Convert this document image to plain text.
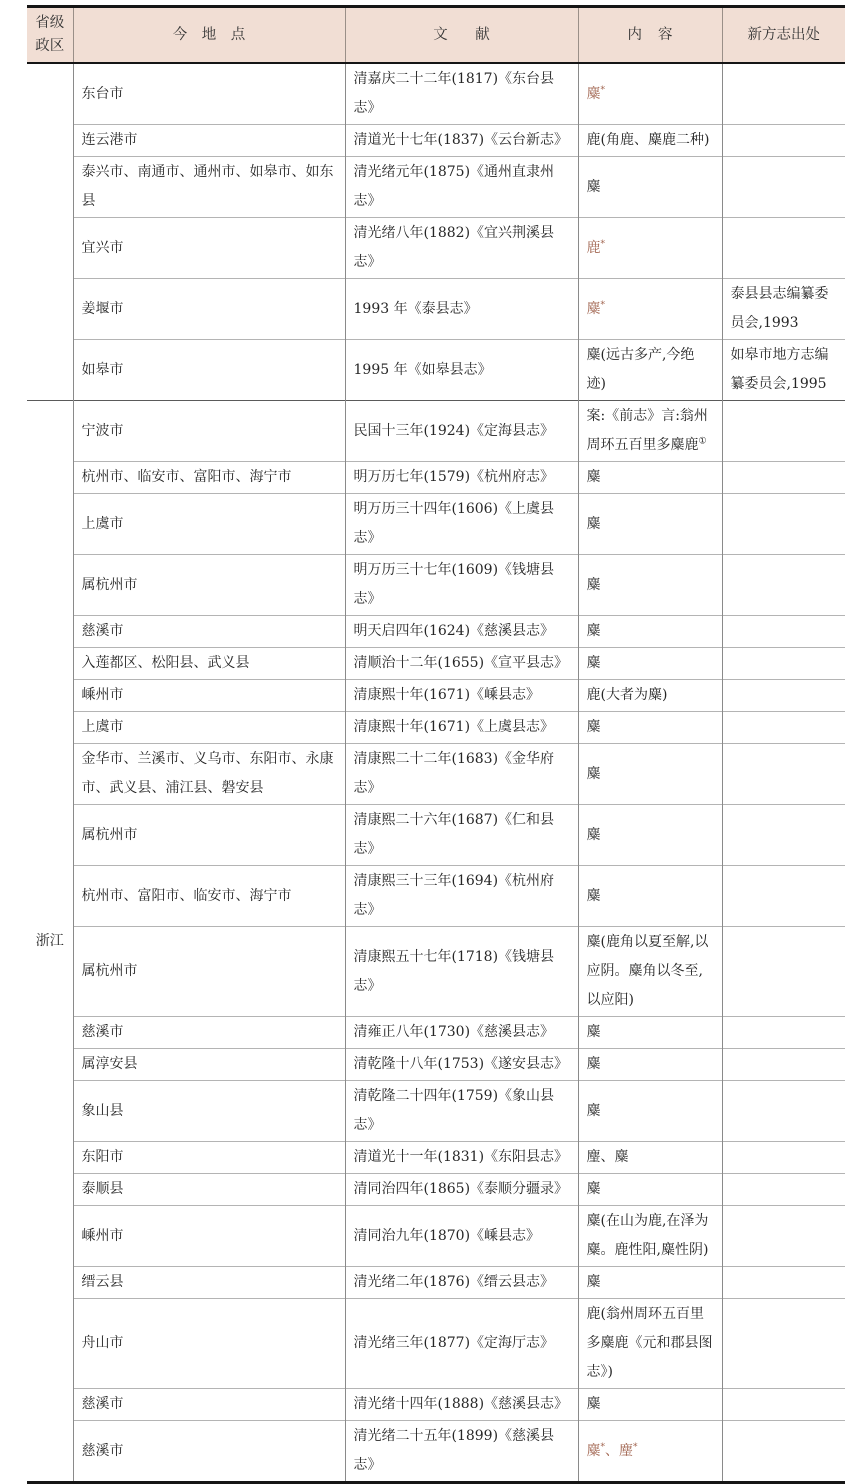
省级政区	今地点	文献	内容	新方志出处
	东台市	清嘉庆二十二年(1817)《东台县志》	麋*	
	连云港市	清道光十七年(1837)《云台新志》	鹿(角鹿、麋鹿二种)	
	泰兴市、南通市、通州市、如皋市、如东县	清光绪元年(1875)《通州直隶州志》	麋	
	宜兴市	清光绪八年(1882)《宜兴荆溪县志》	鹿*	
	姜堰市	1993 年《泰县志》	麋*	泰县县志编纂委员会,1993
	如皋市	1995 年《如皋县志》	麋(远古多产,今绝迹)	如皋市地方志编纂委员会,1995
浙江	宁波市	民国十三年(1924)《定海县志》	案:《前志》言:翁州周环五百里多麋鹿①	
	杭州市、临安市、富阳市、海宁市	明万历七年(1579)《杭州府志》	麋	
	上虞市	明万历三十四年(1606)《上虞县志》	麋	
	属杭州市	明万历三十七年(1609)《钱塘县志》	麋	
	慈溪市	明天启四年(1624)《慈溪县志》	麋	
	入莲都区、松阳县、武义县	清顺治十二年(1655)《宣平县志》	麋	
	嵊州市	清康熙十年(1671)《嵊县志》	鹿(大者为麋)	
	上虞市	清康熙十年(1671)《上虞县志》	麋	
	金华市、兰溪市、义乌市、东阳市、永康市、武义县、浦江县、磐安县	清康熙二十二年(1683)《金华府志》	麋	
	属杭州市	清康熙二十六年(1687)《仁和县志》	麋	
	杭州市、富阳市、临安市、海宁市	清康熙三十三年(1694)《杭州府志》	麋	
	属杭州市	清康熙五十七年(1718)《钱塘县志》	麋(鹿角以夏至解,以应阴。麋角以冬至,以应阳)	
	慈溪市	清雍正八年(1730)《慈溪县志》	麋	
	属淳安县	清乾隆十八年(1753)《遂安县志》	麋	
	象山县	清乾隆二十四年(1759)《象山县志》	麋	
	东阳市	清道光十一年(1831)《东阳县志》	麈、麋	
	泰顺县	清同治四年(1865)《泰顺分疆录》	麋	
	嵊州市	清同治九年(1870)《嵊县志》	麋(在山为鹿,在泽为麋。鹿性阳,麋性阴)	
	缙云县	清光绪二年(1876)《缙云县志》	麋	
	舟山市	清光绪三年(1877)《定海厅志》	鹿(翁州周环五百里多麋鹿《元和郡县图志》)	
	慈溪市	清光绪十四年(1888)《慈溪县志》	麋	
	慈溪市	清光绪二十五年(1899)《慈溪县志》	麋*、麈*	
